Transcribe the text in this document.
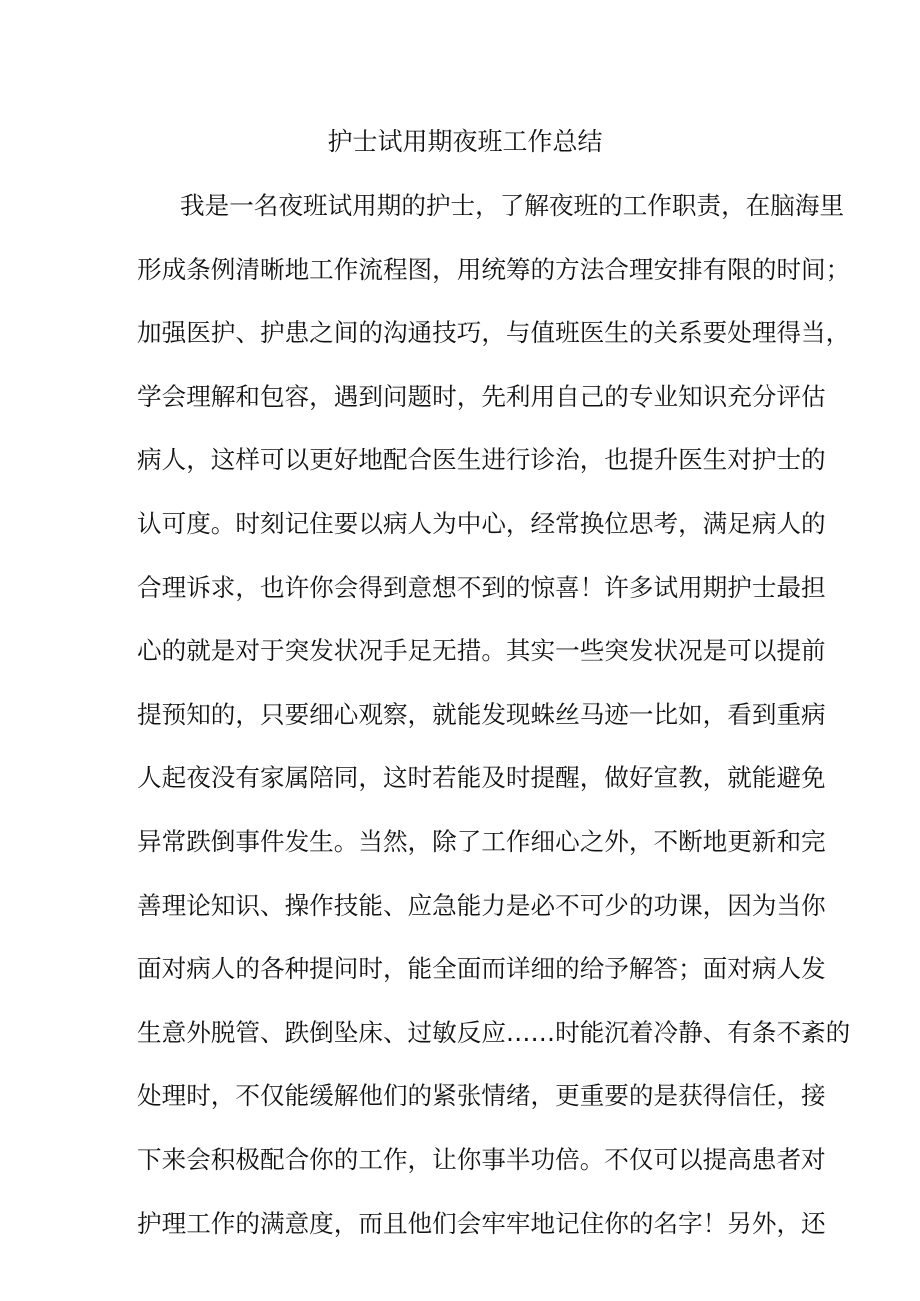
护士试用期夜班工作总结
我是一名夜班试用期的护士，了解夜班的工作职责，在脑海里
形成条例清晰地工作流程图，用统筹的方法合理安排有限的时间；
加强医护、护患之间的沟通技巧，与值班医生的关系要处理得当，
学会理解和包容，遇到问题时，先利用自己的专业知识充分评估
病人，这样可以更好地配合医生进行诊治，也提升医生对护士的
认可度。时刻记住要以病人为中心，经常换位思考，满足病人的
合理诉求，也许你会得到意想不到的惊喜！许多试用期护士最担
心的就是对于突发状况手足无措。其实一些突发状况是可以提前
提预知的，只要细心观察，就能发现蛛丝马迹一比如，看到重病
人起夜没有家属陪同，这时若能及时提醒，做好宣教，就能避免
异常跌倒事件发生。当然，除了工作细心之外，不断地更新和完
善理论知识、操作技能、应急能力是必不可少的功课，因为当你
面对病人的各种提问时，能全面而详细的给予解答；面对病人发
生意外脱管、跌倒坠床、过敏反应……时能沉着冷静、有条不紊的
处理时，不仅能缓解他们的紧张情绪，更重要的是获得信任，接
下来会积极配合你的工作，让你事半功倍。不仅可以提高患者对
护理工作的满意度，而且他们会牢牢地记住你的名字！另外，还
